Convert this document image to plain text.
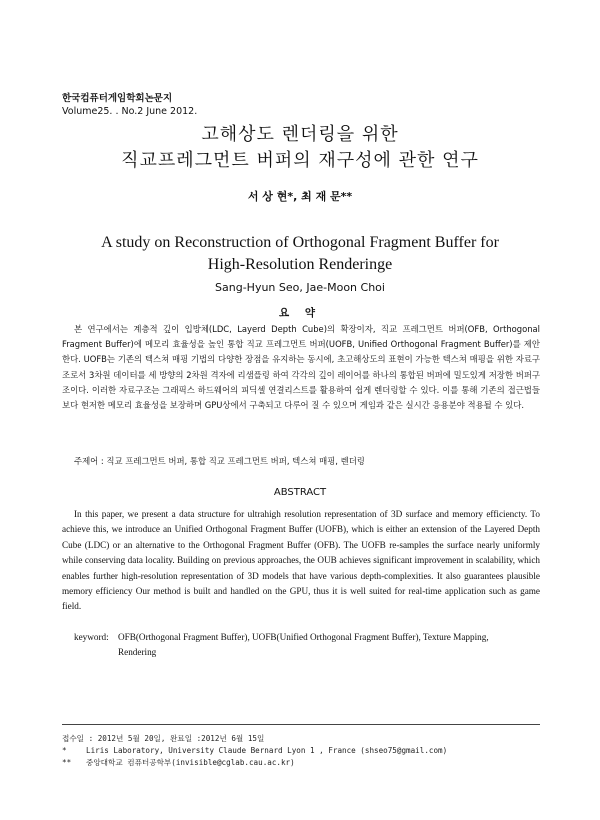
한국컴퓨터게임학회논문지
Volume25. . No.2 June 2012.
고해상도 렌더링을 위한
직교프레그먼트 버퍼의 재구성에 관한 연구
서 상 현*, 최 재 문**
A study on Reconstruction of Orthogonal Fragment Buffer for
High-Resolution Renderinge
Sang-Hyun Seo, Jae-Moon Choi
요 약

본 연구에서는 계층적 깊이 입방체(LDC, Layerd Depth Cube)의 확장이자, 직교 프레그먼트 버퍼(OFB, Orthogonal Fragment Buffer)에 메모리 효율성을 높인 통합 직교 프레그먼트 버퍼(UOFB, Unified Orthogonal Fragment Buffer)를 제안한다. UOFB는 기존의 텍스쳐 매핑 기법의 다양한 장점을 유지하는 동시에, 초고해상도의 표현이 가능한 텍스쳐 매핑을 위한 자료구조로서 3차원 데이터를 세 방향의 2차원 격자에 리샘플링 하여 각각의 깊이 레이어를 하나의 통합된 버퍼에 밀도있게 저장한 버퍼구조이다. 이러한 자료구조는 그래픽스 하드웨어의 피딕셀 연결리스트를 활용하여 쉽게 렌더링할 수 있다. 이를 통해 기존의 접근법들 보다 현저한 메모리 효율성을 보장하며 GPU상에서 구축되고 다루어 질 수 있으며 게임과 같은 실시간 응용분야 적용될 수 있다.

주제어 : 직교 프레그먼트 버퍼, 통합 직교 프레그먼트 버퍼, 텍스쳐 매핑, 렌더링
ABSTRACT

In this paper, we present a data structure for ultrahigh resolution representation of 3D surface and memory efficiencty. To achieve this, we introduce an Unified Orthogonal Fragment Buffer (UOFB), which is either an extension of the Layered Depth Cube (LDC) or an alternative to the Orthogonal Fragment Buffer (OFB). The UOFB re-samples the surface nearly uniformly while conserving data locality. Building on previous approaches, the OUB achieves significant improvement in scalability, which enables further high-resolution representation of 3D models that have various depth-complexities. It also guarantees plausible memory efficiency Our method is built and handled on the GPU, thus it is well suited for real-time application such as game field.

keyword: OFB(Orthogonal Fragment Buffer), UOFB(Unified Orthogonal Fragment Buffer), Texture Mapping,
Rendering
접수일 : 2012년 5월 20일, 완료일 :2012년 6월 15일
*	Liris Laboratory, University Claude Bernard Lyon 1 , France (shseo75@gmail.com)
** 중앙대학교 컴퓨터공학부(invisible@cglab.cau.ac.kr)
